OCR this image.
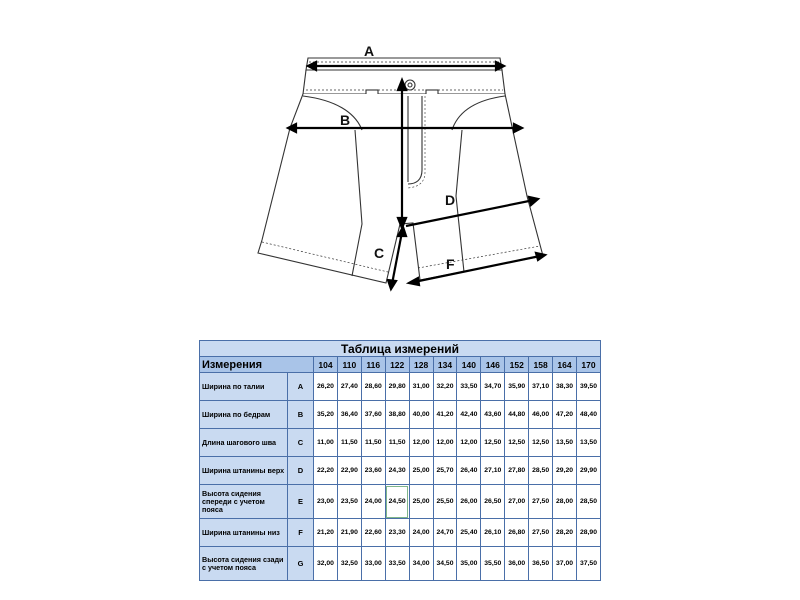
A
B
D
C
F
Таблица измерений													
Измерения		104	110	116	122	128	134	140	146	152	158	164	170
Ширина по талии	A	26,20	27,40	28,60	29,80	31,00	32,20	33,50	34,70	35,90	37,10	38,30	39,50
Ширина по бедрам	B	35,20	36,40	37,60	38,80	40,00	41,20	42,40	43,60	44,80	46,00	47,20	48,40
Длина шагового шва	C	11,00	11,50	11,50	11,50	12,00	12,00	12,00	12,50	12,50	12,50	13,50	13,50
Ширина штанины верх	D	22,20	22,90	23,60	24,30	25,00	25,70	26,40	27,10	27,80	28,50	29,20	29,90
Высота сидения спереди с учетом пояса	E	23,00	23,50	24,00	24,50	25,00	25,50	26,00	26,50	27,00	27,50	28,00	28,50
Ширина штанины низ	F	21,20	21,90	22,60	23,30	24,00	24,70	25,40	26,10	26,80	27,50	28,20	28,90
Высота сидения сзади с учетом пояса	G	32,00	32,50	33,00	33,50	34,00	34,50	35,00	35,50	36,00	36,50	37,00	37,50
